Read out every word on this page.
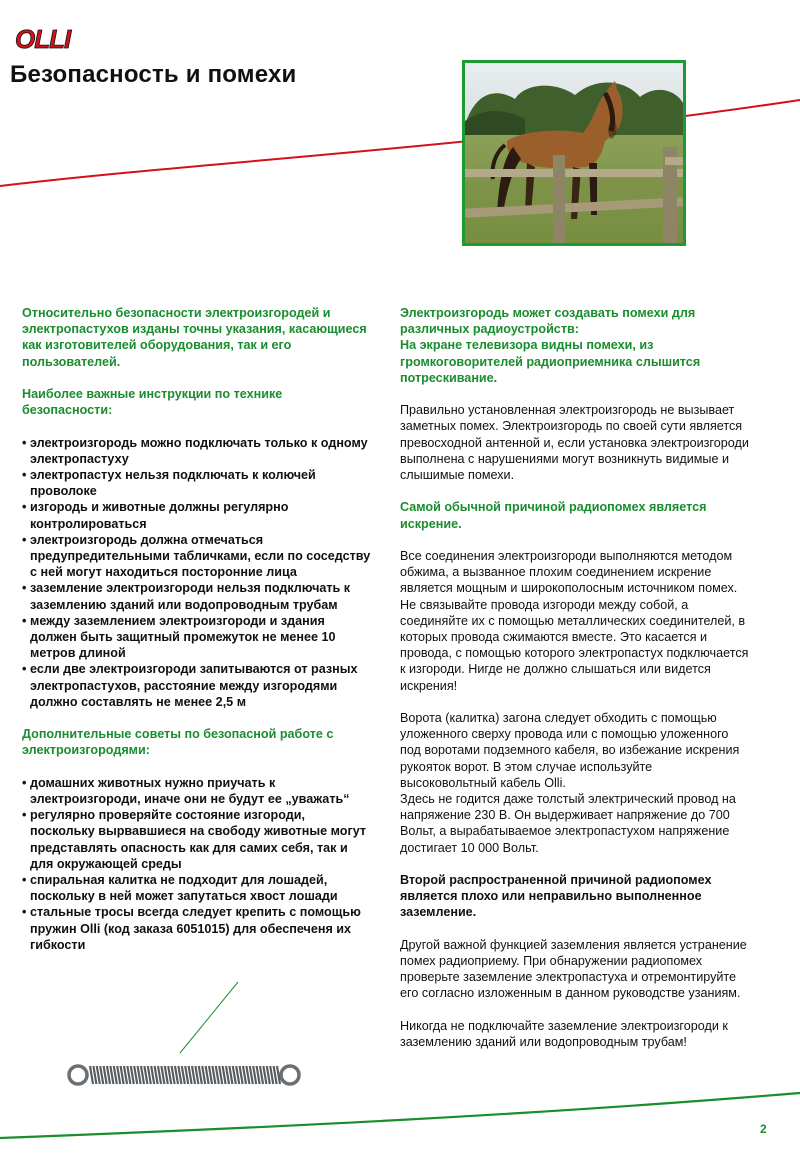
OLLI
Безопасность и помехи

Относительно безопасности электроизгородей и электропастухов изданы точны указания, касающиеся как изготовителей оборудования, так и его пользователей.

Наиболее важные инструкции по технике безопасности:

• электроизгородь можно подключать только к одному электропастуху
• электропастух нельзя подключать к колючей проволоке
• изгородь и животные должны регулярно контролироваться
• электроизгородь должна отмечаться предупредительными табличками, если по соседству с ней могут находиться посторонние лица
• заземление электроизгороди нельзя подключать к заземлению зданий или водопроводным трубам
• между заземлением электроизгороди и здания должен быть защитный промежуток не менее 10 метров длиной
• если две электроизгороди запитываются от разных электропастухов, расстояние между изгородями должно составлять не менее 2,5 м

Дополнительные советы по безопасной работе с электроизгородями:

• домашних животных нужно приучать к электроизгороди, иначе они не будут ее „уважать“
• регулярно проверяйте состояние изгороди, поскольку вырвавшиеся на свободу животные могут представлять опасность как для самих себя, так и для окружающей среды
• спиральная калитка не подходит для лошадей, поскольку в ней может запутаться хвост лошади
• стальные тросы всегда следует крепить с помощью пружин Olli (код заказа 6051015) для обеспеченя их гибкости

Электроизгородь может создавать помехи для различных радиоустройств:
На экране телевизора видны помехи, из громкоговорителей радиоприемника слышится потрескивание.

Правильно установленная электроизгородь не вызывает заметных помех. Электроизгородь по своей сути является превосходной антенной и, если установка электроизгороди выполнена с нарушениями могут возникнуть видимые и слышимые помехи.

Самой обычной причиной радиопомех является искрение.

Все соединения электроизгороди выполняются методом обжима, а вызванное плохим соединением искрение является мощным и широкополосным источником помех.
Не связывайте провода изгороди между собой, а соединяйте их с помощью металлических соединителей, в которых провода сжимаются вместе. Это касается и провода, с помощью которого электропастух подключается к изгороди. Нигде не должно слышаться или видется искрения!

Ворота (калитка) загона следует обходить с помощью уложенного сверху провода или с помощью уложенного под воротами подземного кабеля, во избежание искрения рукояток ворот. В этом случае используйте высоковольтный кабель Olli.
Здесь не годится даже толстый электрический провод на напряжение 230 В. Он выдерживает напряжение до 700 Вольт, а вырабатываемое электропастухом напряжение достигает 10 000 Вольт.

Второй распространенной причиной радиопомех является плохо или неправильно выполненное заземление.

Другой важной функцией заземления является устранение помех радиоприему. При обнаружении радиопомех проверьте заземление электропастуха и отремонтируйте его согласно изложенным в данном руководстве узаниям.

Никогда не подключайте заземление электроизгороди к заземлению зданий или водопроводным трубам!

2
